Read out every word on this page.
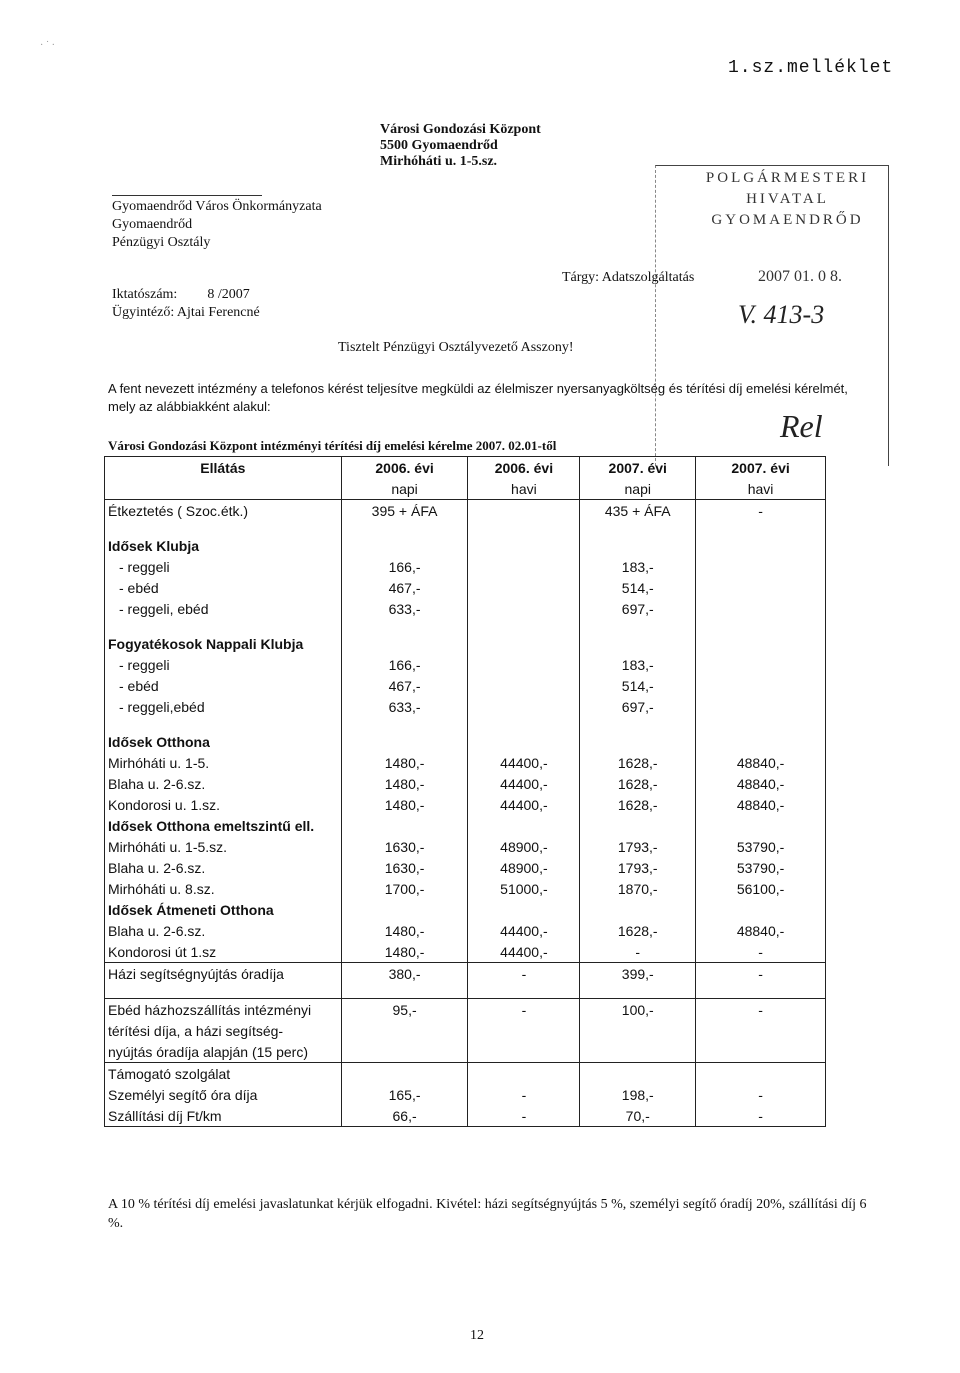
1.sz.melléklet
· ˙ ·
Városi Gondozási Központ
5500 Gyomaendrőd
Mirhóháti u. 1-5.sz.
Gyomaendrőd Város Önkormányzata
Gyomaendrőd
Pénzügyi Osztály
Iktatószám: 8 /2007
Ügyintéző: Ajtai Ferencné
POLGÁRMESTERI
HIVATAL
GYOMAENDRŐD
2007 01. 0 8.
V. 413-3
Rel
Tárgy: Adatszolgáltatás
Tisztelt Pénzügyi Osztályvezető Asszony!
A fent nevezett intézmény a telefonos kérést teljesítve megküldi az élelmiszer nyersanyagköltség és térítési díj emelési kérelmét, mely az alábbiakként alakul:
Városi Gondozási Központ intézményi térítési díj emelési kérelme 2007. 02.01-től
Ellátás	2006. évi	2006. évi	2007. évi	2007. évi
	napi	havi	napi	havi
Étkeztetés ( Szoc.étk.)	395 + ÁFA		435 + ÁFA	-

Idősek Klubja				
- reggeli	166,-		183,-	
- ebéd	467,-		514,-	
- reggeli, ebéd	633,-		697,-	

Fogyatékosok Nappali Klubja				
- reggeli	166,-		183,-	
- ebéd	467,-		514,-	
- reggeli,ebéd	633,-		697,-	

Idősek Otthona				
Mirhóháti u. 1-5.	1480,-	44400,-	1628,-	48840,-
Blaha u. 2-6.sz.	1480,-	44400,-	1628,-	48840,-
Kondorosi u. 1.sz.	1480,-	44400,-	1628,-	48840,-
Idősek Otthona emeltszintű ell.				
Mirhóháti u. 1-5.sz.	1630,-	48900,-	1793,-	53790,-
Blaha u. 2-6.sz.	1630,-	48900,-	1793,-	53790,-
Mirhóháti u. 8.sz.	1700,-	51000,-	1870,-	56100,-
Idősek Átmeneti Otthona				
Blaha u. 2-6.sz.	1480,-	44400,-	1628,-	48840,-
Kondorosi út 1.sz	1480,-	44400,-	-	-
Házi segítségnyújtás óradíja	380,-	-	399,-	-

Ebéd házhozszállítás intézményi	95,-	-	100,-	-
térítési díja, a házi segítség-				
nyújtás óradíja alapján (15 perc)				
Támogató szolgálat				
Személyi segítő óra díja	165,-	-	198,-	-
Szállítási díj Ft/km	66,-	-	70,-	-
A 10 % térítési díj emelési javaslatunkat kérjük elfogadni. Kivétel: házi segítségnyújtás 5 %, személyi segítő óradíj 20%, szállítási díj 6 %.
12
